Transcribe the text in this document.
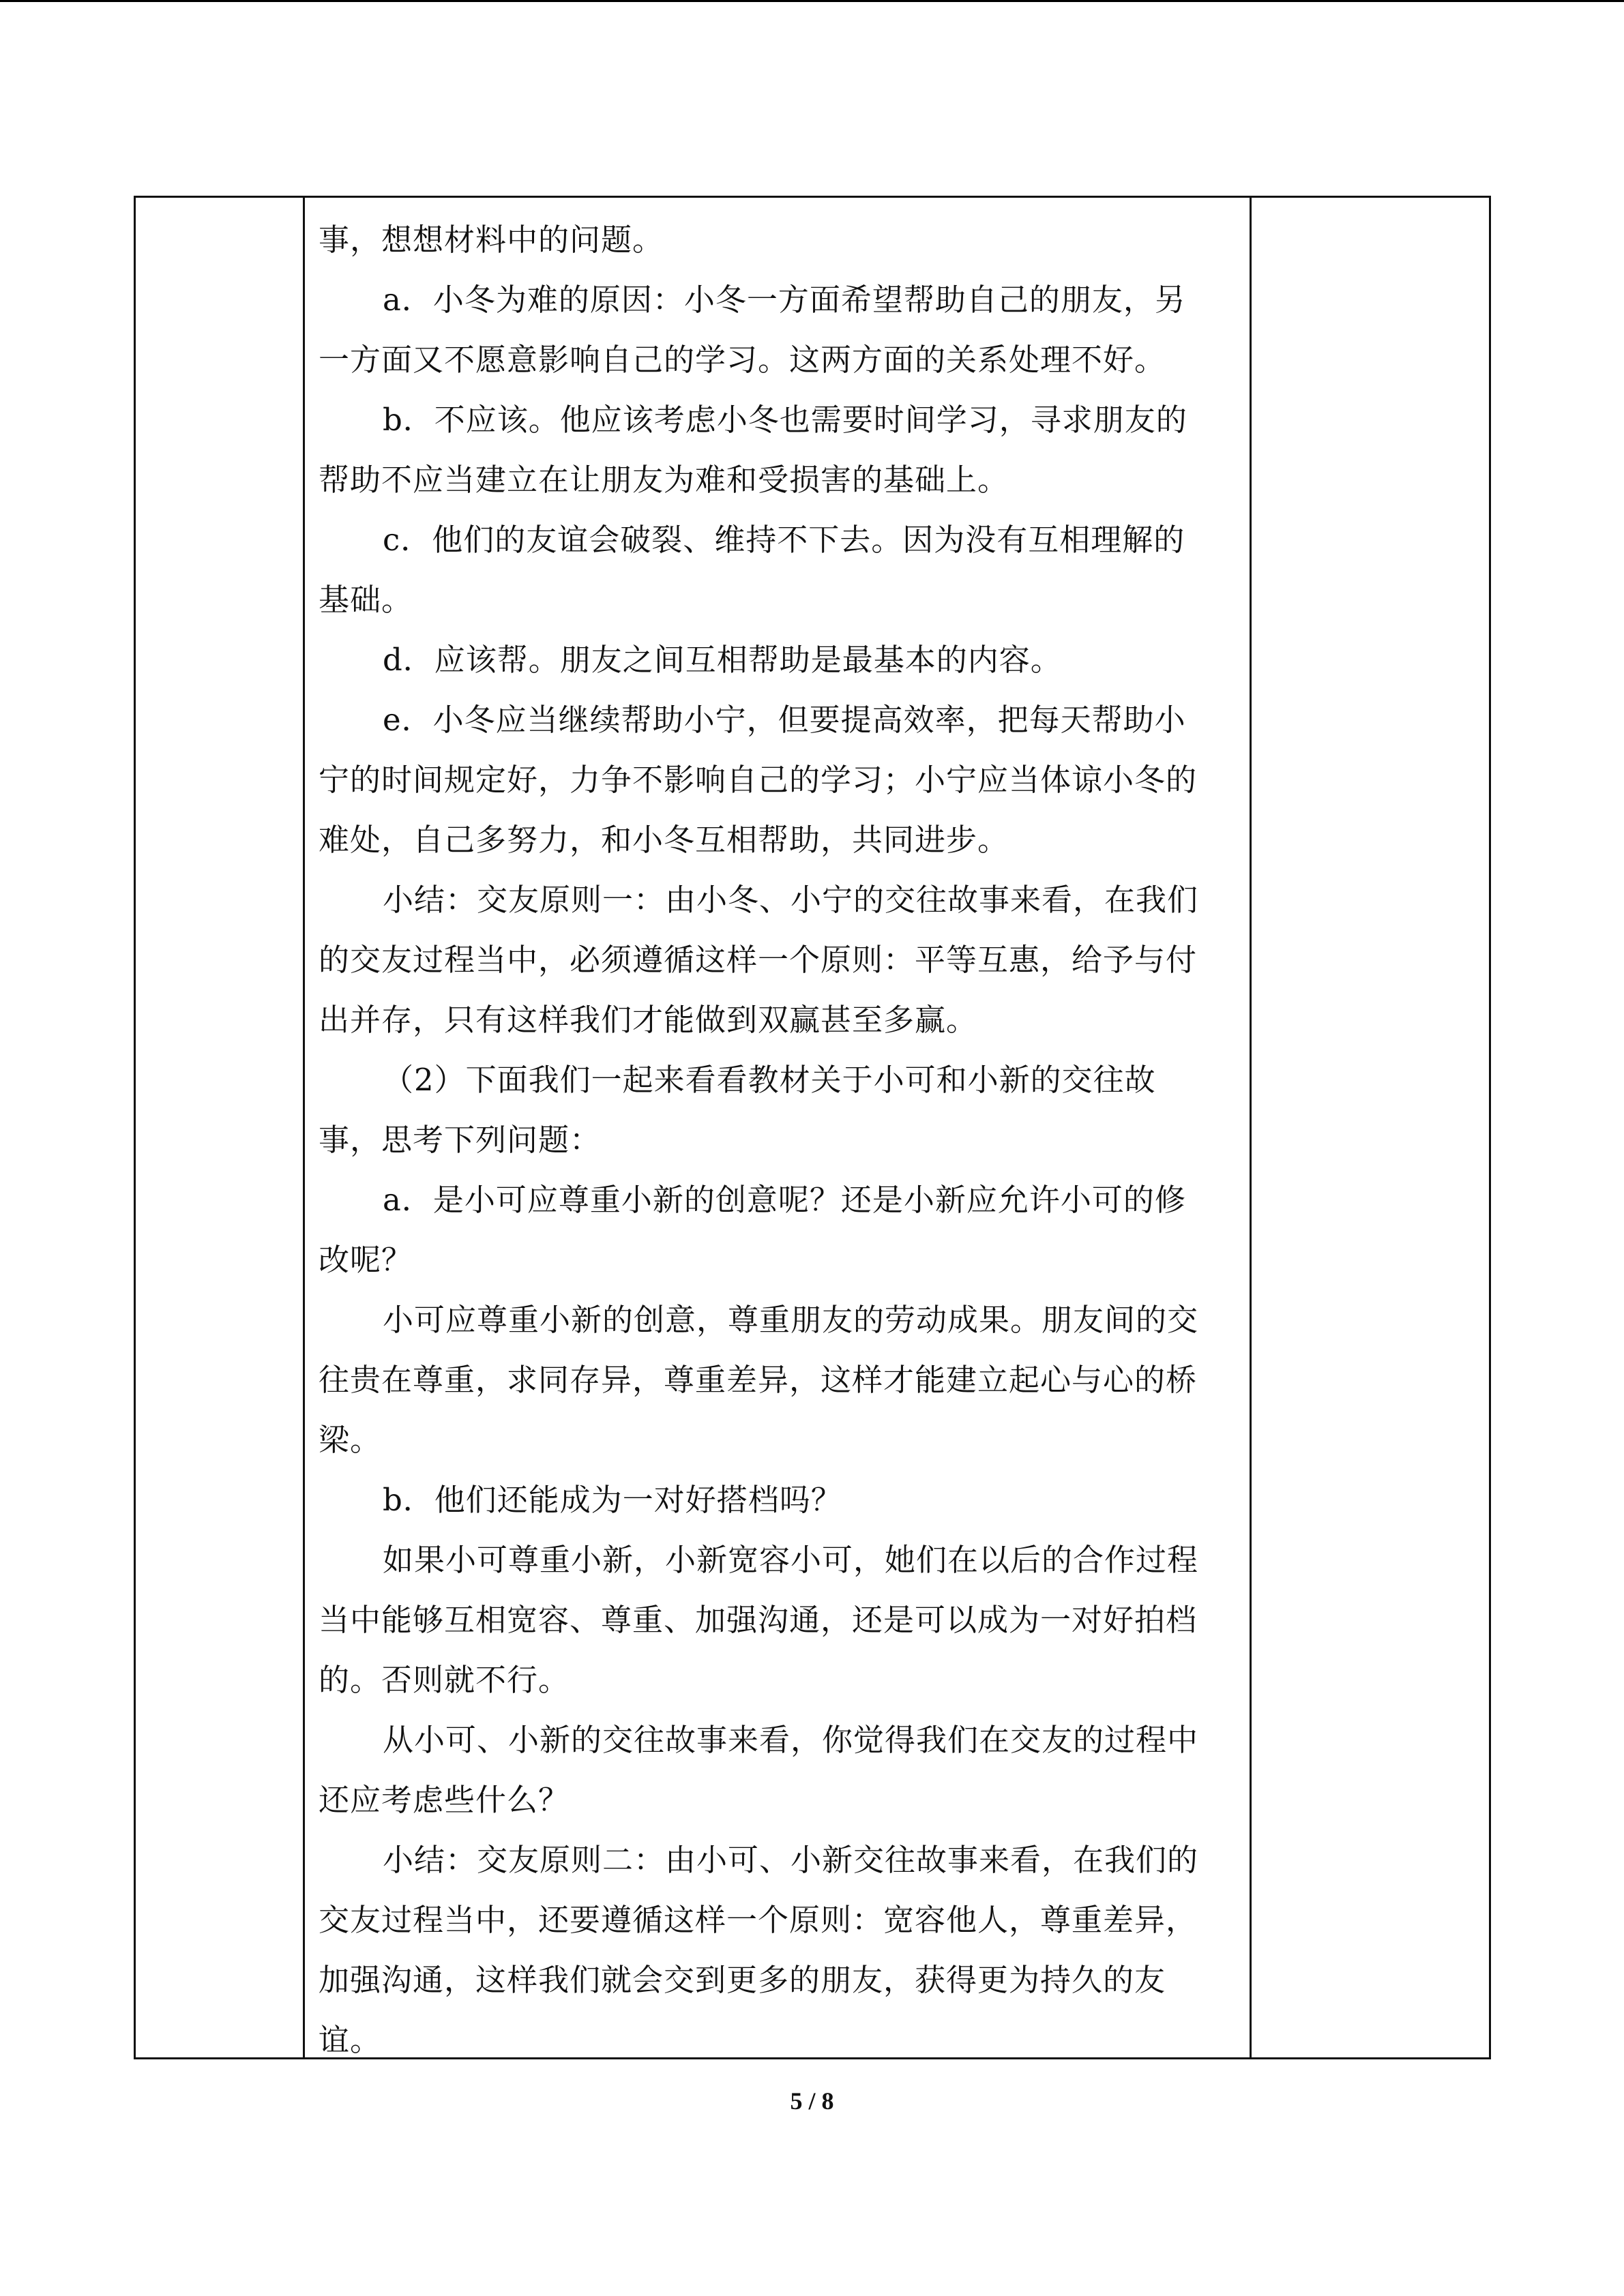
事，想想材料中的问题。
a．小冬为难的原因：小冬一方面希望帮助自己的朋友，另
一方面又不愿意影响自己的学习。这两方面的关系处理不好。
b．不应该。他应该考虑小冬也需要时间学习，寻求朋友的
帮助不应当建立在让朋友为难和受损害的基础上。
c．他们的友谊会破裂、维持不下去。因为没有互相理解的
基础。
d．应该帮。朋友之间互相帮助是最基本的内容。
e．小冬应当继续帮助小宁，但要提高效率，把每天帮助小
宁的时间规定好，力争不影响自己的学习；小宁应当体谅小冬的
难处，自己多努力，和小冬互相帮助，共同进步。
小结：交友原则一：由小冬、小宁的交往故事来看，在我们
的交友过程当中，必须遵循这样一个原则：平等互惠，给予与付
出并存，只有这样我们才能做到双赢甚至多赢。
（2）下面我们一起来看看教材关于小可和小新的交往故
事，思考下列问题：
a．是小可应尊重小新的创意呢？还是小新应允许小可的修
改呢？
小可应尊重小新的创意，尊重朋友的劳动成果。朋友间的交
往贵在尊重，求同存异，尊重差异，这样才能建立起心与心的桥
梁。
b．他们还能成为一对好搭档吗？
如果小可尊重小新，小新宽容小可，她们在以后的合作过程
当中能够互相宽容、尊重、加强沟通，还是可以成为一对好拍档
的。否则就不行。
从小可、小新的交往故事来看，你觉得我们在交友的过程中
还应考虑些什么？
小结：交友原则二：由小可、小新交往故事来看，在我们的
交友过程当中，还要遵循这样一个原则：宽容他人，尊重差异，
加强沟通，这样我们就会交到更多的朋友，获得更为持久的友
谊。
5 / 8
